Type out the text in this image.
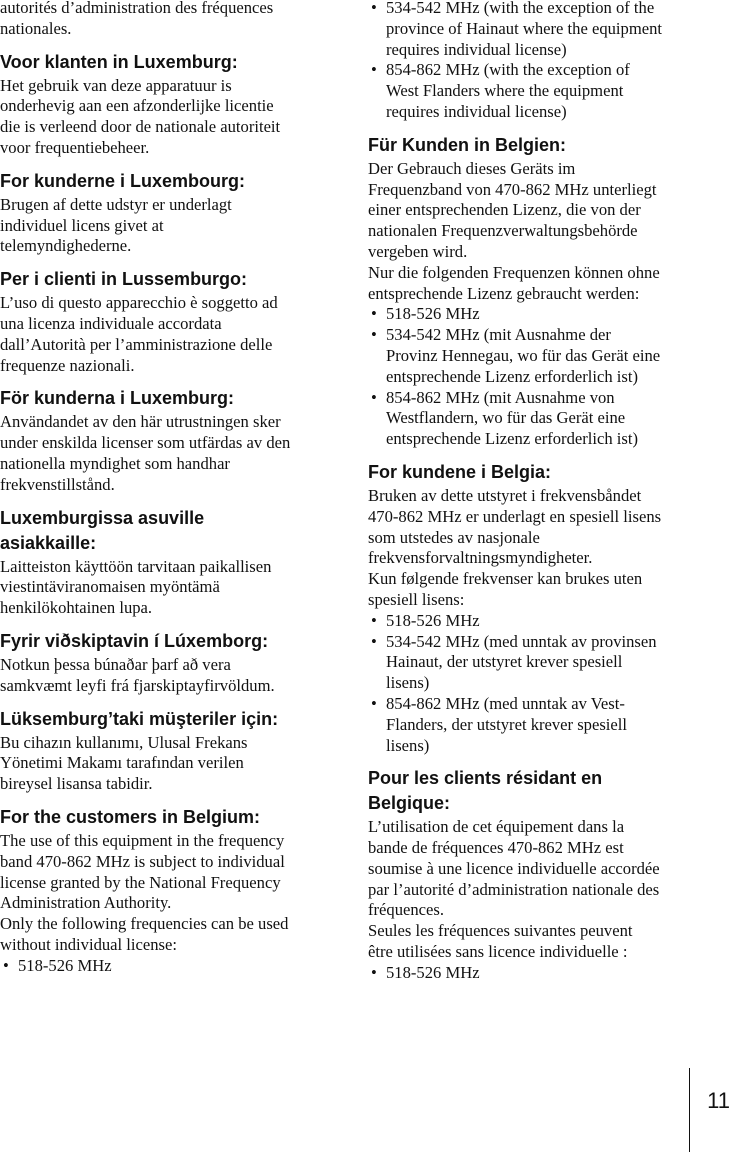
autorités d’administration des fréquences
nationales.
Voor klanten in Luxemburg:
Het gebruik van deze apparatuur is
onderhevig aan een afzonderlijke licentie
die is verleend door de nationale autoriteit
voor frequentiebeheer.
For kunderne i Luxembourg:
Brugen af dette udstyr er underlagt
individuel licens givet at
telemyndighederne.
Per i clienti in Lussemburgo:
L’uso di questo apparecchio è soggetto ad
una licenza individuale accordata
dall’Autorità per l’amministrazione delle
frequenze nazionali.
För kunderna i Luxemburg:
Användandet av den här utrustningen sker
under enskilda licenser som utfärdas av den
nationella myndighet som handhar
frekvenstillstånd.
Luxemburgissa asuville
asiakkaille:
Laitteiston käyttöön tarvitaan paikallisen
viestintäviranomaisen myöntämä
henkilökohtainen lupa.
Fyrir viðskiptavin í Lúxemborg:
Notkun þessa búnaðar þarf að vera
samkvæmt leyfi frá fjarskiptayfirvöldum.
Lüksemburg’taki müşteriler için:
Bu cihazın kullanımı, Ulusal Frekans
Yönetimi Makamı tarafından verilen
bireysel lisansa tabidir.
For the customers in Belgium:
The use of this equipment in the frequency
band 470-862 MHz is subject to individual
license granted by the National Frequency
Administration Authority.
Only the following frequencies can be used
without individual license:
• 518-526 MHz
• 534-542 MHz (with the exception of the
province of Hainaut where the equipment
requires individual license)
• 854-862 MHz (with the exception of
West Flanders where the equipment
requires individual license)
Für Kunden in Belgien:
Der Gebrauch dieses Geräts im
Frequenzband von 470-862 MHz unterliegt
einer entsprechenden Lizenz, die von der
nationalen Frequenzverwaltungsbehörde
vergeben wird.
Nur die folgenden Frequenzen können ohne
entsprechende Lizenz gebraucht werden:
• 518-526 MHz
• 534-542 MHz (mit Ausnahme der
Provinz Hennegau, wo für das Gerät eine
entsprechende Lizenz erforderlich ist)
• 854-862 MHz (mit Ausnahme von
Westflandern, wo für das Gerät eine
entsprechende Lizenz erforderlich ist)
For kundene i Belgia:
Bruken av dette utstyret i frekvensbåndet
470-862 MHz er underlagt en spesiell lisens
som utstedes av nasjonale
frekvensforvaltningsmyndigheter.
Kun følgende frekvenser kan brukes uten
spesiell lisens:
• 518-526 MHz
• 534-542 MHz (med unntak av provinsen
Hainaut, der utstyret krever spesiell
lisens)
• 854-862 MHz (med unntak av Vest-
Flanders, der utstyret krever spesiell
lisens)
Pour les clients résidant en
Belgique:
L’utilisation de cet équipement dans la
bande de fréquences 470-862 MHz est
soumise à une licence individuelle accordée
par l’autorité d’administration nationale des
fréquences.
Seules les fréquences suivantes peuvent
être utilisées sans licence individuelle :
• 518-526 MHz
11
